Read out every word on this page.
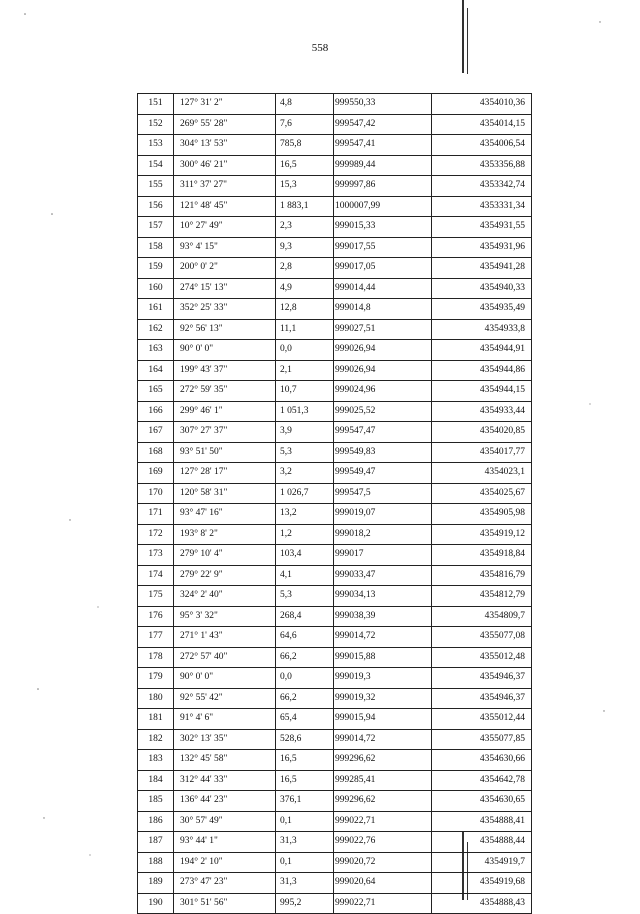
558
151	127° 31' 2"	4,8	999550,33	4354010,36
152	269° 55' 28"	7,6	999547,42	4354014,15
153	304° 13' 53"	785,8	999547,41	4354006,54
154	300° 46' 21"	16,5	999989,44	4353356,88
155	311° 37' 27"	15,3	999997,86	4353342,74
156	121° 48' 45"	1 883,1	1000007,99	4353331,34
157	10° 27' 49"	2,3	999015,33	4354931,55
158	93° 4' 15"	9,3	999017,55	4354931,96
159	200° 0' 2"	2,8	999017,05	4354941,28
160	274° 15' 13"	4,9	999014,44	4354940,33
161	352° 25' 33"	12,8	999014,8	4354935,49
162	92° 56' 13"	11,1	999027,51	4354933,8
163	90° 0' 0"	0,0	999026,94	4354944,91
164	199° 43' 37"	2,1	999026,94	4354944,86
165	272° 59' 35"	10,7	999024,96	4354944,15
166	299° 46' 1"	1 051,3	999025,52	4354933,44
167	307° 27' 37"	3,9	999547,47	4354020,85
168	93° 51' 50"	5,3	999549,83	4354017,77
169	127° 28' 17"	3,2	999549,47	4354023,1
170	120° 58' 31"	1 026,7	999547,5	4354025,67
171	93° 47' 16"	13,2	999019,07	4354905,98
172	193° 8' 2"	1,2	999018,2	4354919,12
173	279° 10' 4"	103,4	999017	4354918,84
174	279° 22' 9"	4,1	999033,47	4354816,79
175	324° 2' 40"	5,3	999034,13	4354812,79
176	95° 3' 32"	268,4	999038,39	4354809,7
177	271° 1' 43"	64,6	999014,72	4355077,08
178	272° 57' 40"	66,2	999015,88	4355012,48
179	90° 0' 0"	0,0	999019,3	4354946,37
180	92° 55' 42"	66,2	999019,32	4354946,37
181	91° 4' 6"	65,4	999015,94	4355012,44
182	302° 13' 35"	528,6	999014,72	4355077,85
183	132° 45' 58"	16,5	999296,62	4354630,66
184	312° 44' 33"	16,5	999285,41	4354642,78
185	136° 44' 23"	376,1	999296,62	4354630,65
186	30° 57' 49"	0,1	999022,71	4354888,41
187	93° 44' 1"	31,3	999022,76	4354888,44
188	194° 2' 10"	0,1	999020,72	4354919,7
189	273° 47' 23"	31,3	999020,64	4354919,68
190	301° 51' 56"	995,2	999022,71	4354888,43
